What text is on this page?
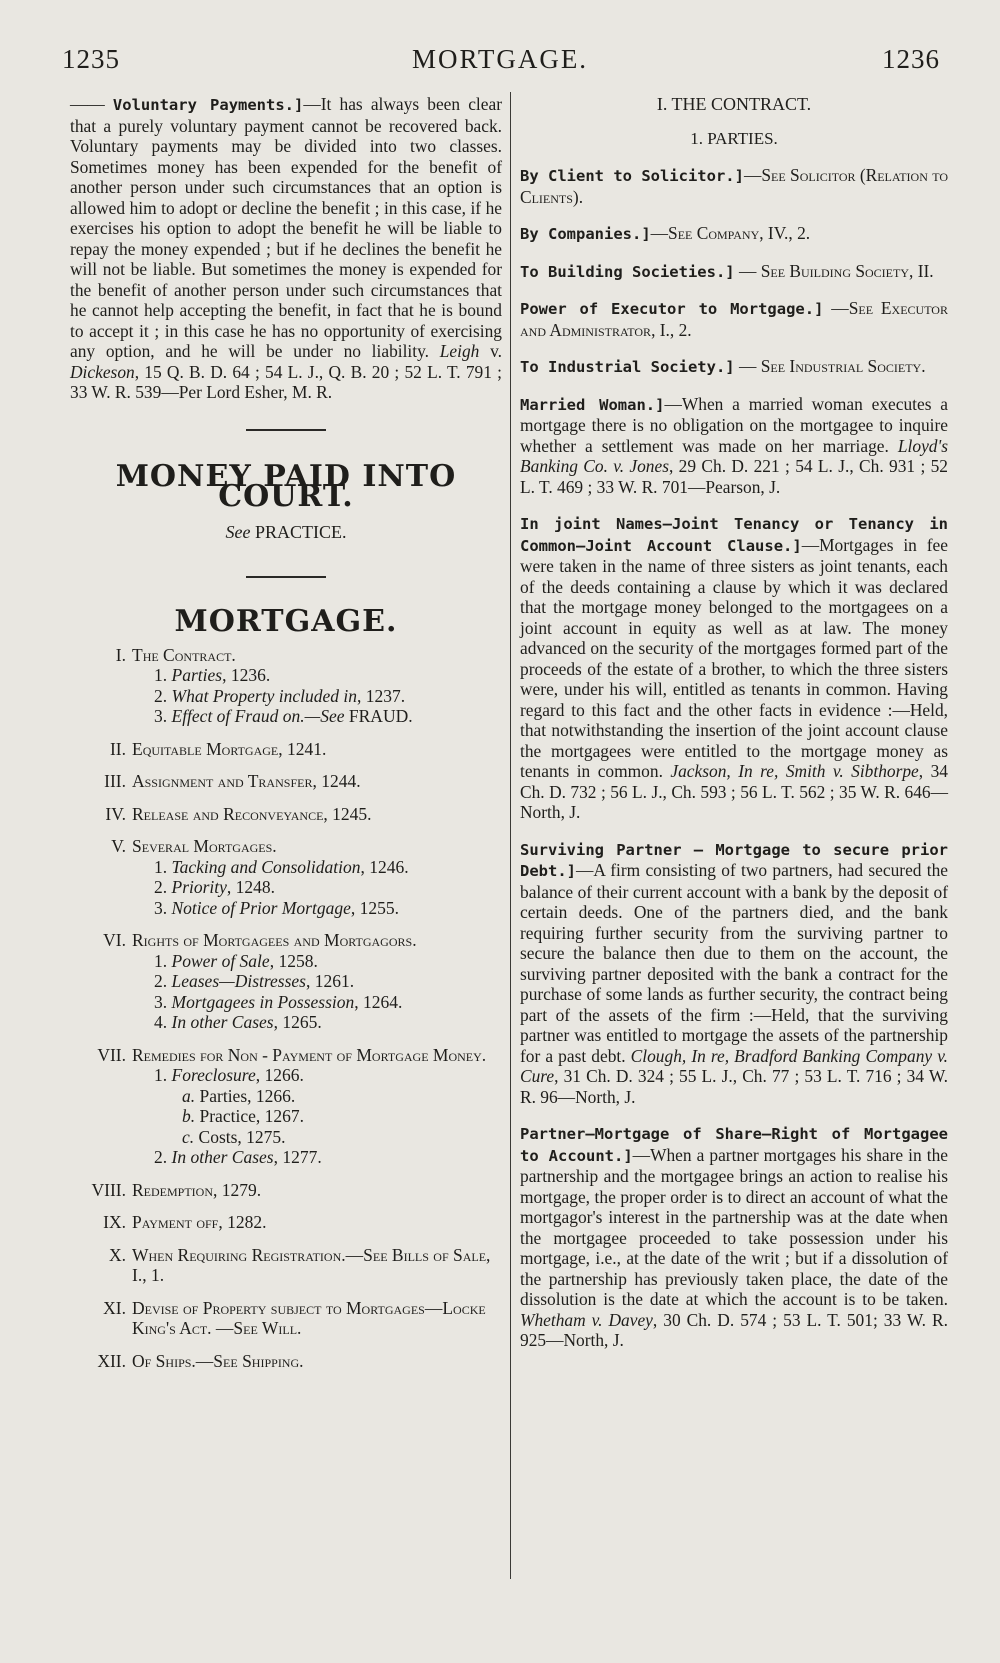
1235	MORTGAGE.	1236

—— Voluntary Payments.]—It has always been clear that a purely voluntary payment cannot be recovered back. Voluntary payments may be divided into two classes. Sometimes money has been expended for the benefit of another person under such circumstances that an option is allowed him to adopt or decline the benefit ; in this case, if he exercises his option to adopt the benefit he will be liable to repay the money expended ; but if he declines the benefit he will not be liable. But sometimes the money is expended for the benefit of another person under such circumstances that he cannot help accepting the benefit, in fact that he is bound to accept it ; in this case he has no opportunity of exercising any option, and he will be under no liability. Leigh v. Dickeson, 15 Q. B. D. 64 ; 54 L. J., Q. B. 20 ; 52 L. T. 791 ; 33 W. R. 539—Per Lord Esher, M. R.

MONEY PAID INTO COURT.
See PRACTICE.
MORTGAGE.
I. The Contract.
1. Parties, 1236.
2. What Property included in, 1237.
3. Effect of Fraud on.—See FRAUD.
II. Equitable Mortgage, 1241.
III. Assignment and Transfer, 1244.
IV. Release and Reconveyance, 1245.
V. Several Mortgages.
1. Tacking and Consolidation, 1246.
2. Priority, 1248.
3. Notice of Prior Mortgage, 1255.
VI. Rights of Mortgagees and Mortgagors.
1. Power of Sale, 1258.
2. Leases—Distresses, 1261.
3. Mortgagees in Possession, 1264.
4. In other Cases, 1265.
VII. Remedies for Non - Payment of Mortgage Money.
1. Foreclosure, 1266.
a. Parties, 1266.
b. Practice, 1267.
c. Costs, 1275.
2. In other Cases, 1277.
VIII. Redemption, 1279.
IX. Payment off, 1282.
X. When Requiring Registration.—See Bills of Sale, I., 1.
XI. Devise of Property subject to Mortgages—Locke King's Act. —See Will.
XII. Of Ships.—See Shipping.
I. THE CONTRACT.
1. PARTIES.

By Client to Solicitor.]—See Solicitor (Relation to Clients).

By Companies.]—See Company, IV., 2.

To Building Societies.] — See Building Society, II.

Power of Executor to Mortgage.] —See Executor and Administrator, I., 2.

To Industrial Society.] — See Industrial Society.

Married Woman.]—When a married woman executes a mortgage there is no obligation on the mortgagee to inquire whether a settlement was made on her marriage. Lloyd's Banking Co. v. Jones, 29 Ch. D. 221 ; 54 L. J., Ch. 931 ; 52 L. T. 469 ; 33 W. R. 701—Pearson, J.

In joint Names—Joint Tenancy or Tenancy in Common—Joint Account Clause.]—Mortgages in fee were taken in the name of three sisters as joint tenants, each of the deeds containing a clause by which it was declared that the mortgage money belonged to the mortgagees on a joint account in equity as well as at law. The money advanced on the security of the mortgages formed part of the proceeds of the estate of a brother, to which the three sisters were, under his will, entitled as tenants in common. Having regard to this fact and the other facts in evidence :—Held, that notwithstanding the insertion of the joint account clause the mortgagees were entitled to the mortgage money as tenants in common. Jackson, In re, Smith v. Sibthorpe, 34 Ch. D. 732 ; 56 L. J., Ch. 593 ; 56 L. T. 562 ; 35 W. R. 646—North, J.

Surviving Partner — Mortgage to secure prior Debt.]—A firm consisting of two partners, had secured the balance of their current account with a bank by the deposit of certain deeds. One of the partners died, and the bank requiring further security from the surviving partner to secure the balance then due to them on the account, the surviving partner deposited with the bank a contract for the purchase of some lands as further security, the contract being part of the assets of the firm :—Held, that the surviving partner was entitled to mortgage the assets of the partnership for a past debt. Clough, In re, Bradford Banking Company v. Cure, 31 Ch. D. 324 ; 55 L. J., Ch. 77 ; 53 L. T. 716 ; 34 W. R. 96—North, J.

Partner—Mortgage of Share—Right of Mortgagee to Account.]—When a partner mortgages his share in the partnership and the mortgagee brings an action to realise his mortgage, the proper order is to direct an account of what the mortgagor's interest in the partnership was at the date when the mortgagee proceeded to take possession under his mortgage, i.e., at the date of the writ ; but if a dissolution of the partnership has previously taken place, the date of the dissolution is the date at which the account is to be taken. Whetham v. Davey, 30 Ch. D. 574 ; 53 L. T. 501; 33 W. R. 925—North, J.
